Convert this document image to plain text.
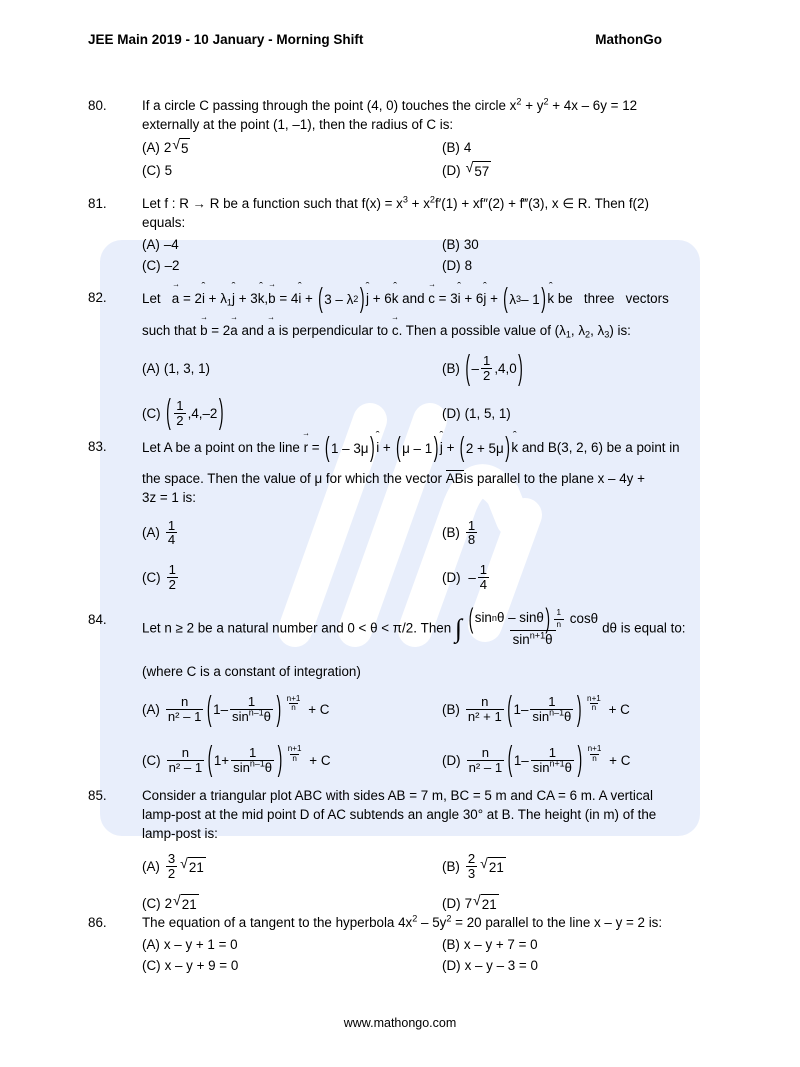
JEE Main 2019 - 10 January - Morning Shift	MathonGo
80.	If a circle C passing through the point (4, 0) touches the circle $x^2 + y^2 + 4x - 6y = 12$
externally at the point (1, –1), then the radius of C is:
(A) 2 √ 5	(B) 4
(C) 5	(D) √ 57
81.	Let f : R → R be a function such that $f(x) = x^3 + x^2f'(1) + xf''(2)$ + f‴(3), x ∈ R. Then f(2)
equals:
(A) –4	(B) 30
(C) –2	(D) 8
82.	Let → a = 2ˆ $i + \lambda_1ˆ$ j + 3ˆ k,→ b = 4ˆ i + ( 3 – λ 2 ) ˆ j + 6ˆ k and → c = 3ˆ i + 6ˆ j + ( λ 3 – 1 ) ˆ k be three vectors
such that → b = 2→ a and → a is perpendicular to → c. Then a possible value of ($\lambda_1$, $\lambda_2$, $\lambda_3$) is:
(A) (1, 3, 1)	(B) ( – $\frac{1}{2} ,4,0$ )
(C) ( $\frac{1}{2} ,4,-2$ )	(D) (1, 5, 1)
83.	Let A be a point on the line → r = ( 1 – 3μ ) ˆ i + ( μ – 1 ) ˆ j + ( 2 + 5μ ) ˆ k and B(3, 2, 6) be a point in
the space. Then the value of μ for which the vector ABis parallel to the plane x – 4y +
3z = 1 is:
$(A) \frac{1}{4}$	$(B) \frac{1}{8}$
$(C) \frac{1}{2}$	$(D) - \frac{1}{4}$
84.
Let n ≥ 2 be a natural number and 0 < θ < π/2. Then ∫ $\frac{( \sin n \theta - \sin\theta ) \frac{1}{n} \cos\theta}{\sin^{n+1}\theta}$ dθ is equal to:
(where C is a constant of integration)
$(A) \frac{n}{\text{n² – 1}}$ ( $1 - \frac{1}{\sin^{n-1}\theta}$ ) $\frac{n+1}{n} + C$	$(B) \frac{n}{\text{n² + 1}}$ ( $1 - \frac{1}{\sin^{n-1}\theta}$ ) $\frac{n+1}{n} + C$
$(C) \frac{n}{\text{n² – 1}}$ ( $1 + \frac{1}{\sin^{n-1}\theta}$ ) $\frac{n+1}{n} + C$	$(D) \frac{n}{\text{n² – 1}}$ ( $1 - \frac{1}{\sin^{n+1}\theta}$ ) $\frac{n+1}{n} + C$
85.	Consider a triangular plot ABC with sides AB = 7 m, BC = 5 m and CA = 6 m. A vertical
lamp-post at the mid point D of AC subtends an angle 30° at B. The height (in m) of the
lamp-post is:
$(A) \frac{3}{2}$ √ 21	$(B) \frac{2}{3}$ √ 21
(C) 2 √ 21	(D) 7 √ 21
86.	The equation of a tangent to the hyperbola $4x^2 - 5y^2 = 20$ parallel to the line x – y = 2 is:
(A) x – y + 1 = 0	(B) x – y + 7 = 0
(C) x – y + 9 = 0	(D) x – y – 3 = 0
www.mathongo.com
